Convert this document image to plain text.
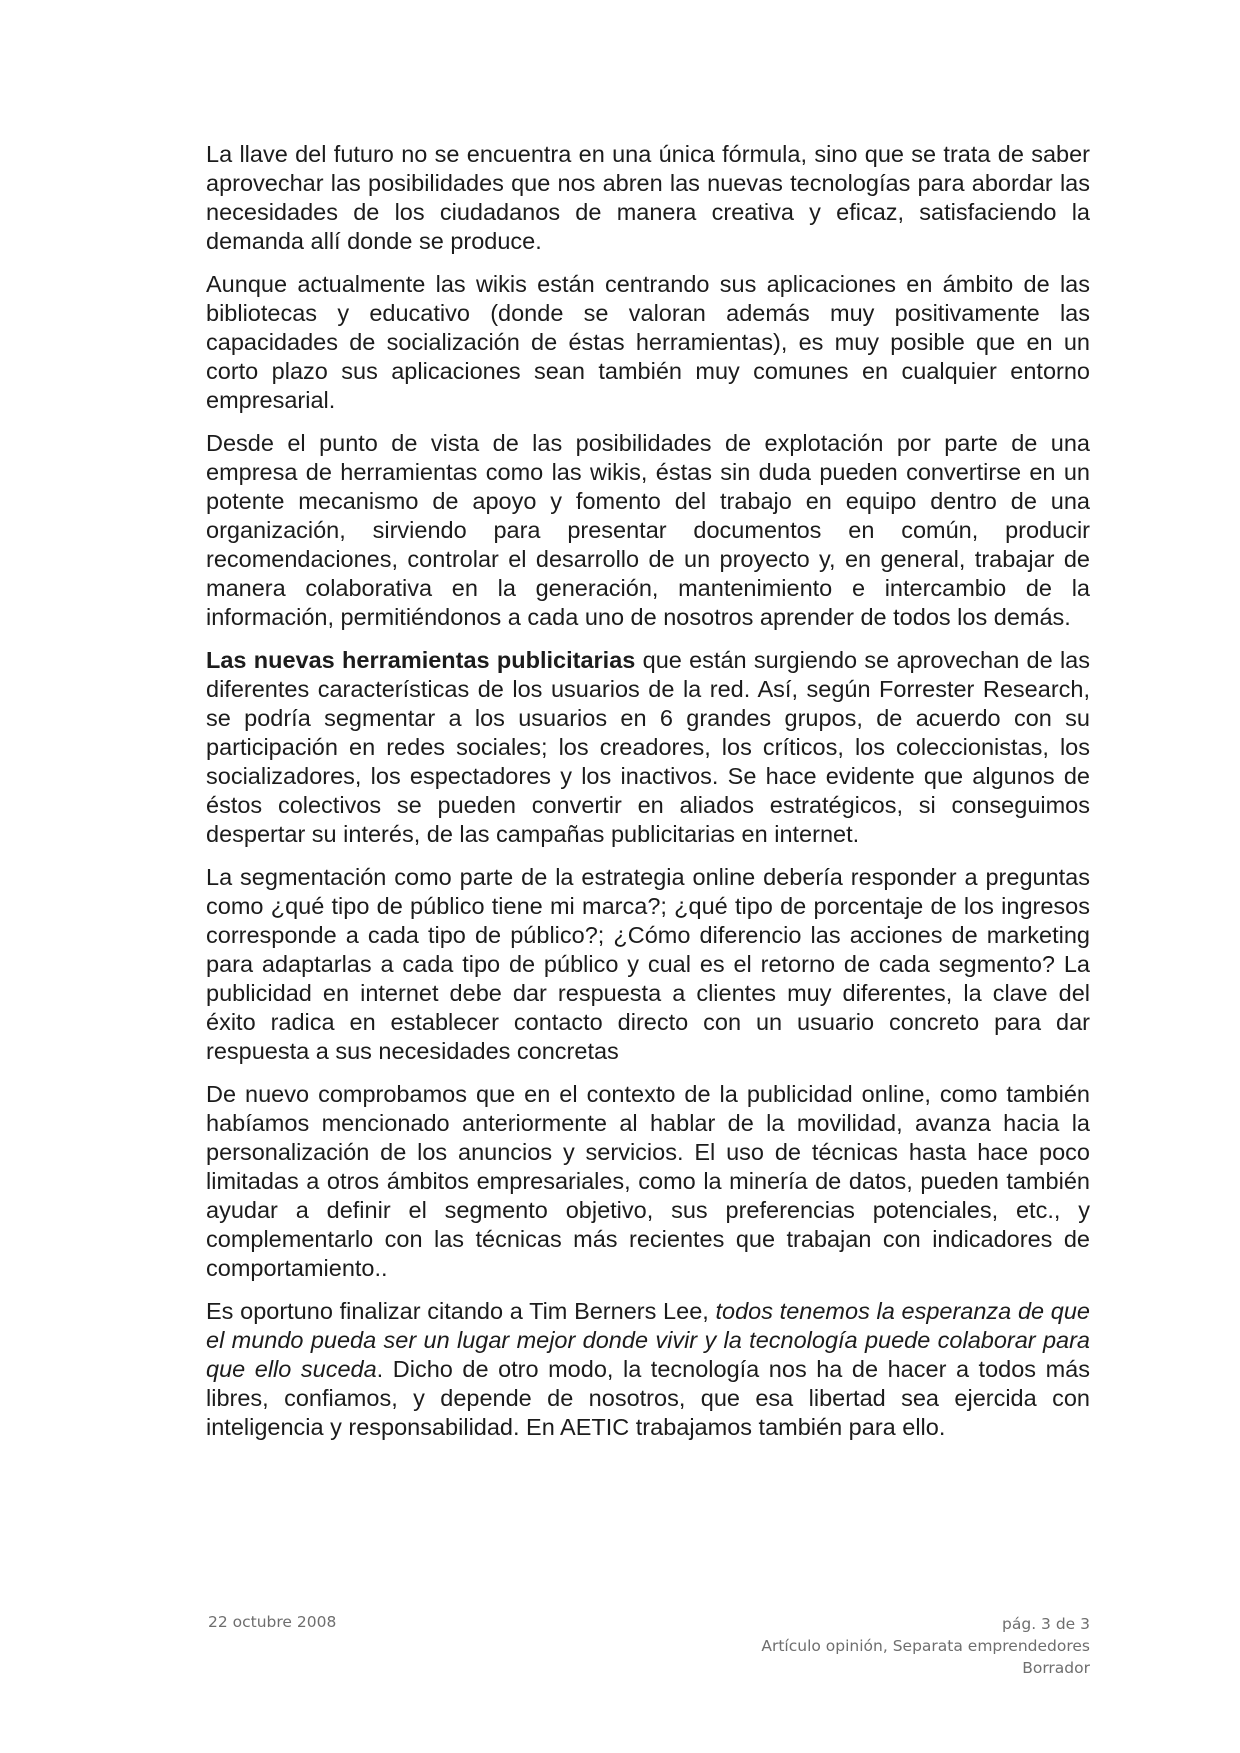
La llave del futuro no se encuentra en una única fórmula, sino que se trata de saber aprovechar las posibilidades que nos abren las nuevas tecnologías para abordar las necesidades de los ciudadanos de manera creativa y eficaz, satisfaciendo la demanda allí donde se produce.

Aunque actualmente las wikis están centrando sus aplicaciones en ámbito de las bibliotecas y educativo (donde se valoran además muy positivamente las capacidades de socialización de éstas herramientas), es muy posible que en un corto plazo sus aplicaciones sean también muy comunes en cualquier entorno empresarial.

Desde el punto de vista de las posibilidades de explotación por parte de una empresa de herramientas como las wikis, éstas sin duda pueden convertirse en un potente mecanismo de apoyo y fomento del trabajo en equipo dentro de una organización, sirviendo para presentar documentos en común, producir recomendaciones, controlar el desarrollo de un proyecto y, en general, trabajar de manera colaborativa en la generación, mantenimiento e intercambio de la información, permitiéndonos a cada uno de nosotros aprender de todos los demás.

Las nuevas herramientas publicitarias que están surgiendo se aprovechan de las diferentes características de los usuarios de la red. Así, según Forrester Research, se podría segmentar a los usuarios en 6 grandes grupos, de acuerdo con su participación en redes sociales; los creadores, los críticos, los coleccionistas, los socializadores, los espectadores y los inactivos. Se hace evidente que algunos de éstos colectivos se pueden convertir en aliados estratégicos, si conseguimos despertar su interés, de las campañas publicitarias en internet.

La segmentación como parte de la estrategia online debería responder a preguntas como ¿qué tipo de público tiene mi marca?; ¿qué tipo de porcentaje de los ingresos corresponde a cada tipo de público?; ¿Cómo diferencio las acciones de marketing para adaptarlas a cada tipo de público y cual es el retorno de cada segmento? La publicidad en internet debe dar respuesta a clientes muy diferentes, la clave del éxito radica en establecer contacto directo con un usuario concreto para dar respuesta a sus necesidades concretas

De nuevo comprobamos que en el contexto de la publicidad online, como también habíamos mencionado anteriormente al hablar de la movilidad, avanza hacia la personalización de los anuncios y servicios. El uso de técnicas hasta hace poco limitadas a otros ámbitos empresariales, como la minería de datos, pueden también ayudar a definir el segmento objetivo, sus preferencias potenciales, etc., y complementarlo con las técnicas más recientes que trabajan con indicadores de comportamiento..

Es oportuno finalizar citando a Tim Berners Lee, todos tenemos la esperanza de que el mundo pueda ser un lugar mejor donde vivir y la tecnología puede colaborar para que ello suceda. Dicho de otro modo, la tecnología nos ha de hacer a todos más libres, confiamos, y depende de nosotros, que esa libertad sea ejercida con inteligencia y responsabilidad. En AETIC trabajamos también para ello.

22 octubre 2008	pág. 3 de 3
Artículo opinión, Separata emprendedores
Borrador
